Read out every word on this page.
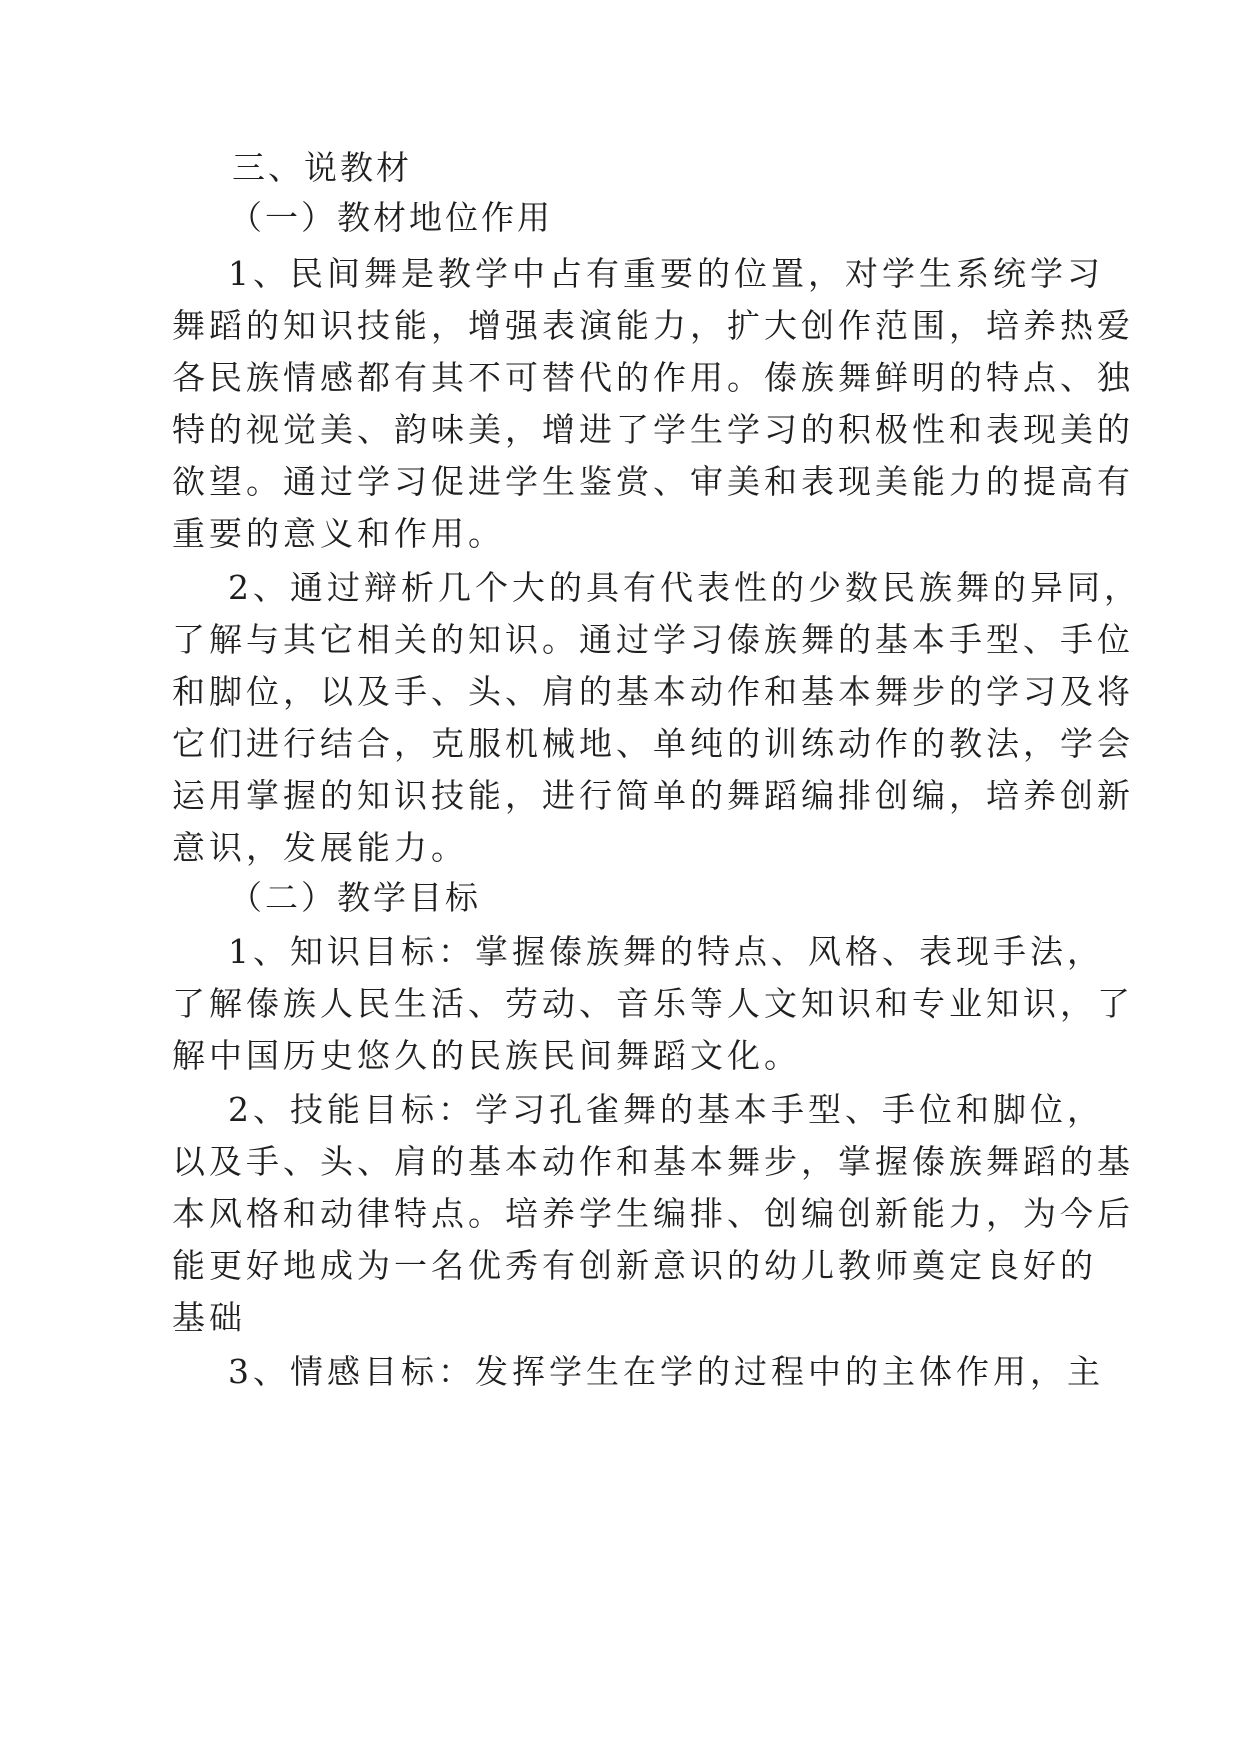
三、说教材
（一）教材地位作用
1、民间舞是教学中占有重要的位置，对学生系统学习
舞蹈的知识技能，增强表演能力，扩大创作范围，培养热爱
各民族情感都有其不可替代的作用。傣族舞鲜明的特点、独
特的视觉美、韵味美，增进了学生学习的积极性和表现美的
欲望。通过学习促进学生鉴赏、审美和表现美能力的提高有
重要的意义和作用。
2、通过辩析几个大的具有代表性的少数民族舞的异同，
了解与其它相关的知识。通过学习傣族舞的基本手型、手位
和脚位，以及手、头、肩的基本动作和基本舞步的学习及将
它们进行结合，克服机械地、单纯的训练动作的教法，学会
运用掌握的知识技能，进行简单的舞蹈编排创编，培养创新
意识，发展能力。
（二）教学目标
1、知识目标：掌握傣族舞的特点、风格、表现手法，
了解傣族人民生活、劳动、音乐等人文知识和专业知识，了
解中国历史悠久的民族民间舞蹈文化。
2、技能目标：学习孔雀舞的基本手型、手位和脚位，
以及手、头、肩的基本动作和基本舞步，掌握傣族舞蹈的基
本风格和动律特点。培养学生编排、创编创新能力，为今后
能更好地成为一名优秀有创新意识的幼儿教师奠定良好的
基础
3、情感目标：发挥学生在学的过程中的主体作用，主
